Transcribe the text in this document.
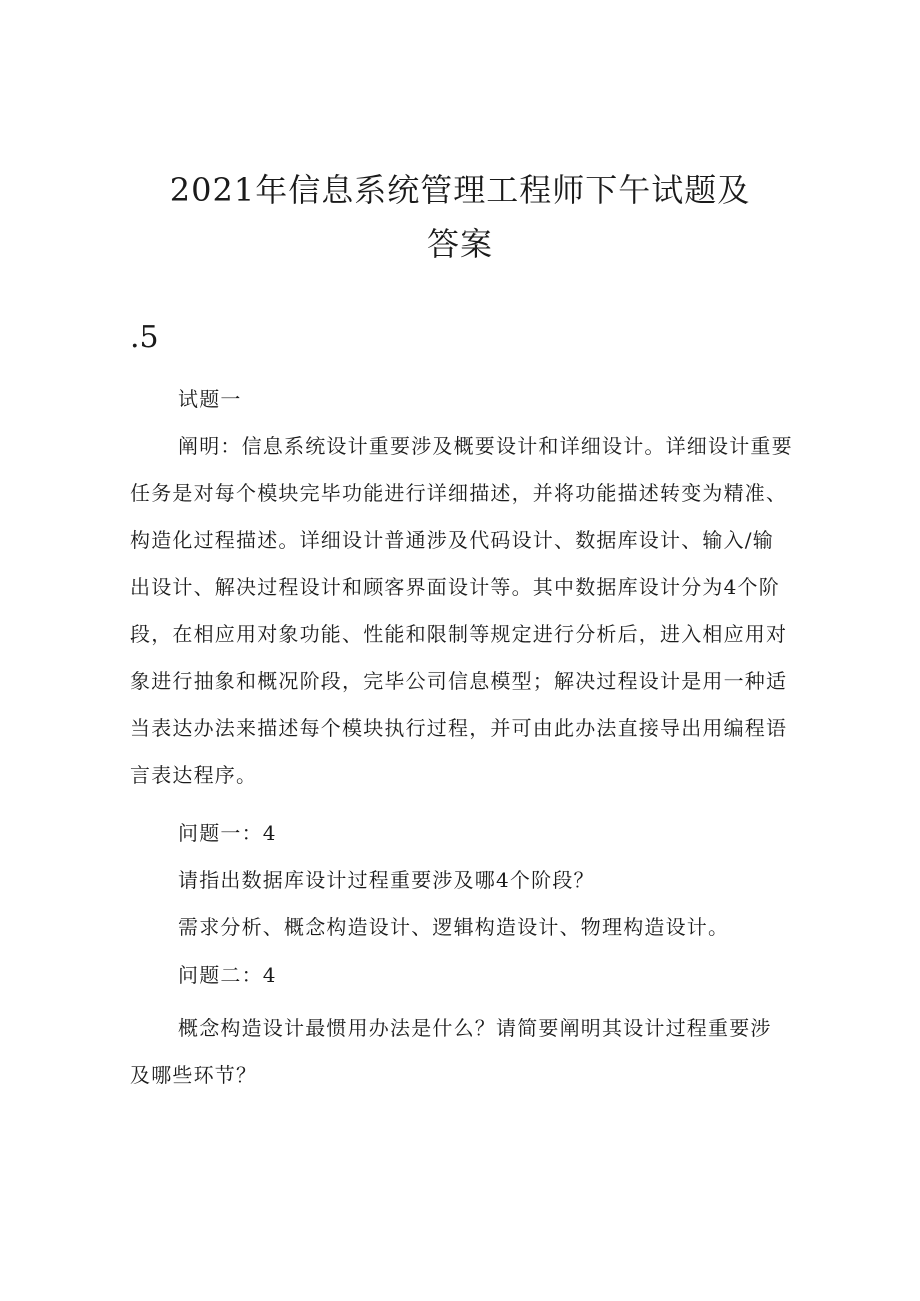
2021年信息系统管理工程师下午试题及
答案
.5
试题一
阐明：信息系统设计重要涉及概要设计和详细设计。详细设计重要
任务是对每个模块完毕功能进行详细描述，并将功能描述转变为精准、
构造化过程描述。详细设计普通涉及代码设计、数据库设计、输入/输
出设计、解决过程设计和顾客界面设计等。其中数据库设计分为4个阶
段，在相应用对象功能、性能和限制等规定进行分析后，进入相应用对
象进行抽象和概况阶段，完毕公司信息模型；解决过程设计是用一种适
当表达办法来描述每个模块执行过程，并可由此办法直接导出用编程语
言表达程序。
问题一：4
请指出数据库设计过程重要涉及哪4个阶段？
需求分析、概念构造设计、逻辑构造设计、物理构造设计。
问题二：4
概念构造设计最惯用办法是什么？请简要阐明其设计过程重要涉
及哪些环节？
